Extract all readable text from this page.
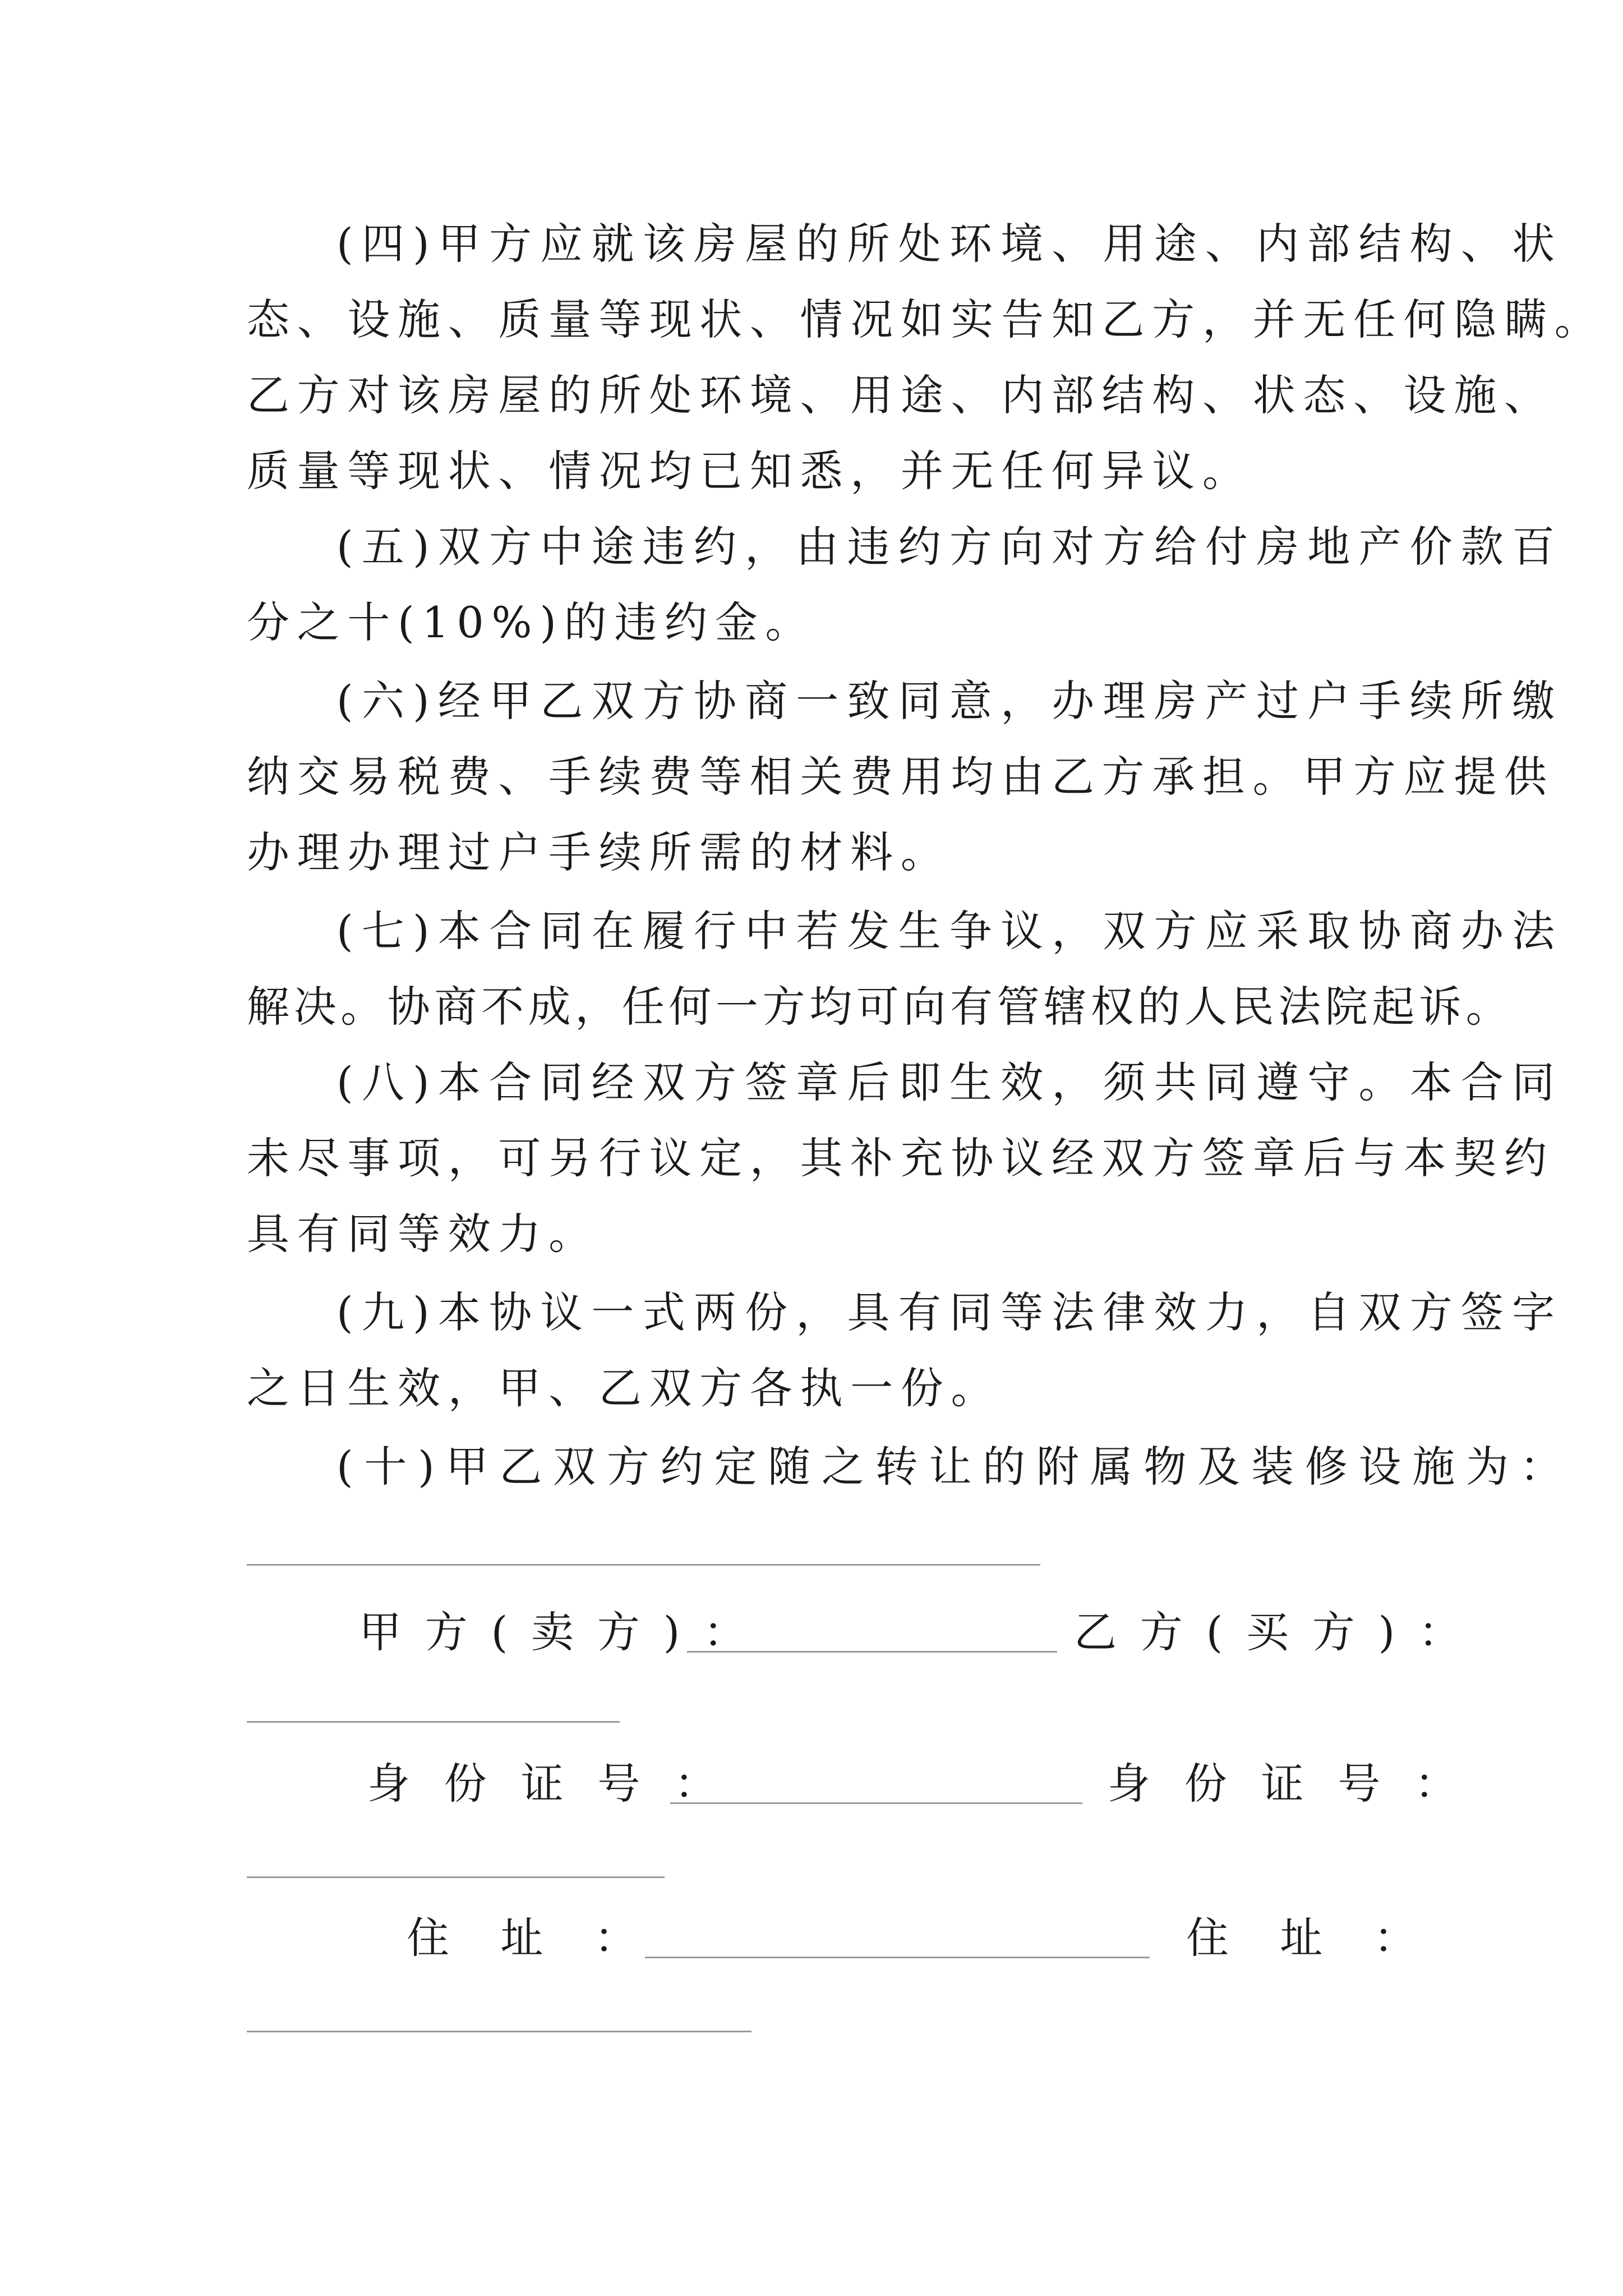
(四)甲方应就该房屋的所处环境、用途、内部结构、状
态、设施、质量等现状、情况如实告知乙方，并无任何隐瞒。
乙方对该房屋的所处环境、用途、内部结构、状态、设施、
质量等现状、情况均已知悉，并无任何异议。
(五)双方中途违约，由违约方向对方给付房地产价款百
分之十(10%)的违约金。
(六)经甲乙双方协商一致同意，办理房产过户手续所缴
纳交易税费、手续费等相关费用均由乙方承担。甲方应提供
办理办理过户手续所需的材料。
(七)本合同在履行中若发生争议，双方应采取协商办法
解决。协商不成，任何一方均可向有管辖权的人民法院起诉。
(八)本合同经双方签章后即生效，须共同遵守。本合同
未尽事项，可另行议定，其补充协议经双方签章后与本契约
具有同等效力。
(九)本协议一式两份，具有同等法律效力，自双方签字
之日生效，甲、乙双方各执一份。
(十)甲乙双方约定随之转让的附属物及装修设施为：
甲方(卖方)：	乙方(买方)：
身份证号：	身份证号：
住址：	住址：
